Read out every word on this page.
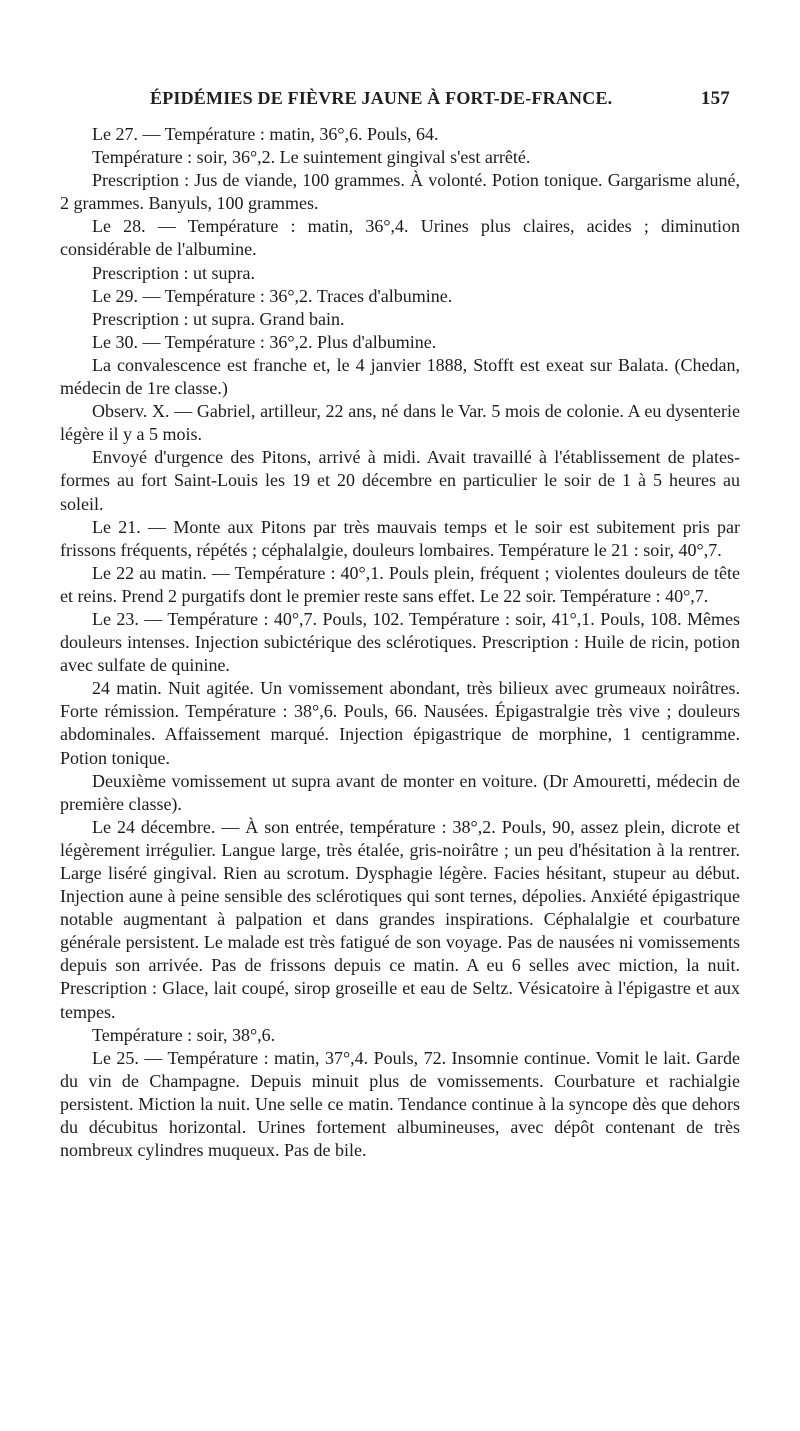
ÉPIDÉMIES DE FIÈVRE JAUNE À FORT-DE-FRANCE.	157

Le 27. — Température : matin, 36°,6. Pouls, 64.

Température : soir, 36°,2. Le suintement gingival s'est arrêté.

Prescription : Jus de viande, 100 grammes. À volonté. Potion tonique. Gargarisme aluné, 2 grammes. Banyuls, 100 grammes.

Le 28. — Température : matin, 36°,4. Urines plus claires, acides ; diminution considérable de l'albumine.

Prescription : ut supra.

Le 29. — Température : 36°,2. Traces d'albumine.

Prescription : ut supra. Grand bain.

Le 30. — Température : 36°,2. Plus d'albumine.

La convalescence est franche et, le 4 janvier 1888, Stofft est exeat sur Balata. (Chedan, médecin de 1re classe.)

Observ. X. — Gabriel, artilleur, 22 ans, né dans le Var. 5 mois de colonie. A eu dysenterie légère il y a 5 mois.

Envoyé d'urgence des Pitons, arrivé à midi. Avait travaillé à l'établissement de plates-formes au fort Saint-Louis les 19 et 20 décembre en particulier le soir de 1 à 5 heures au soleil.

Le 21. — Monte aux Pitons par très mauvais temps et le soir est subitement pris par frissons fréquents, répétés ; céphalalgie, douleurs lombaires. Température le 21 : soir, 40°,7.

Le 22 au matin. — Température : 40°,1. Pouls plein, fréquent ; violentes douleurs de tête et reins. Prend 2 purgatifs dont le premier reste sans effet. Le 22 soir. Température : 40°,7.

Le 23. — Température : 40°,7. Pouls, 102. Température : soir, 41°,1. Pouls, 108. Mêmes douleurs intenses. Injection subictérique des sclérotiques. Prescription : Huile de ricin, potion avec sulfate de quinine.

24 matin. Nuit agitée. Un vomissement abondant, très bilieux avec grumeaux noirâtres. Forte rémission. Température : 38°,6. Pouls, 66. Nausées. Épigastralgie très vive ; douleurs abdominales. Affaissement marqué. Injection épigastrique de morphine, 1 centigramme. Potion tonique.

Deuxième vomissement ut supra avant de monter en voiture. (Dr Amouretti, médecin de première classe).

Le 24 décembre. — À son entrée, température : 38°,2. Pouls, 90, assez plein, dicrote et légèrement irrégulier. Langue large, très étalée, gris-noirâtre ; un peu d'hésitation à la rentrer. Large liséré gingival. Rien au scrotum. Dysphagie légère. Facies hésitant, stupeur au début. Injection aune à peine sensible des sclérotiques qui sont ternes, dépolies. Anxiété épigastrique notable augmentant à palpation et dans grandes inspirations. Céphalalgie et courbature générale persistent. Le malade est très fatigué de son voyage. Pas de nausées ni vomissements depuis son arrivée. Pas de frissons depuis ce matin. A eu 6 selles avec miction, la nuit. Prescription : Glace, lait coupé, sirop groseille et eau de Seltz. Vésicatoire à l'épigastre et aux tempes.

Température : soir, 38°,6.

Le 25. — Température : matin, 37°,4. Pouls, 72. Insomnie continue. Vomit le lait. Garde du vin de Champagne. Depuis minuit plus de vomissements. Courbature et rachialgie persistent. Miction la nuit. Une selle ce matin. Tendance continue à la syncope dès que dehors du décubitus horizontal. Urines fortement albumineuses, avec dépôt contenant de très nombreux cylindres muqueux. Pas de bile.
